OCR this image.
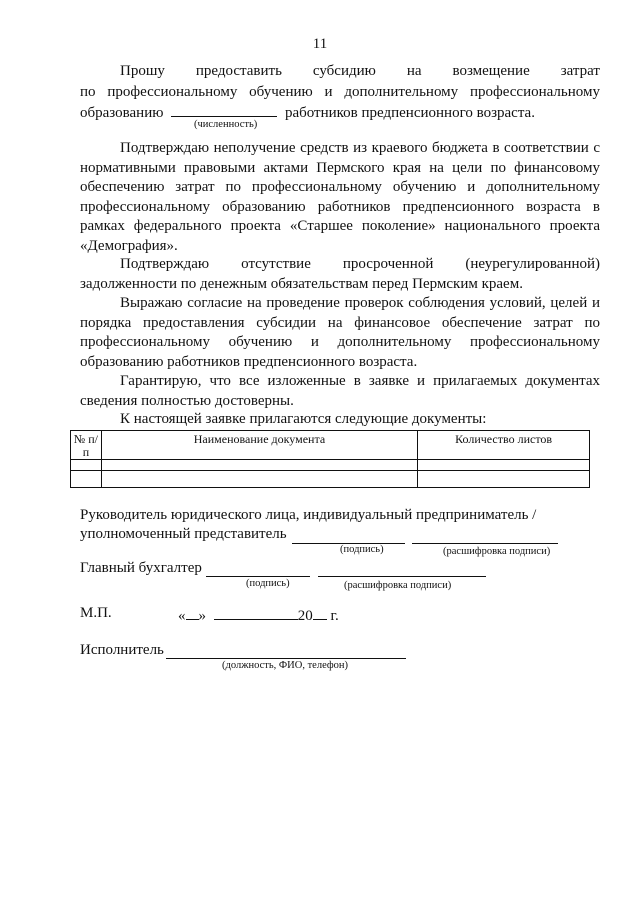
11
Прошу предоставить субсидию на возмещение затрат

по профессиональному обучению и дополнительному профессиональному

образованию	работников предпенсионного возраста.
(численность)

Подтверждаю неполучение средств из краевого бюджета в соответствии с нормативными правовыми актами Пермского края на цели по финансовому обеспечению затрат по профессиональному обучению и дополнительному профессиональному образованию работников предпенсионного возраста в рамках федерального проекта «Старшее поколение» национального проекта «Демография».

Подтверждаю отсутствие просроченной (неурегулированной) задолженности по денежным обязательствам перед Пермским краем.

Выражаю согласие на проведение проверок соблюдения условий, целей и порядка предоставления субсидии на финансовое обеспечение затрат по профессиональному обучению и дополнительному профессиональному образованию работников предпенсионного возраста.

Гарантирую, что все изложенные в заявке и прилагаемых документах сведения полностью достоверны.

К настоящей заявке прилагаются следующие документы:

№ п/п	Наименование документа	Количество листов

Руководитель юридического лица, индивидуальный предприниматель /
уполномоченный представитель
(подпись)	(расшифровка подписи)
Главный бухгалтер
(подпись)	(расшифровка подписи)
М.П.	« »	20 г.
Исполнитель
(должность, ФИО, телефон)
